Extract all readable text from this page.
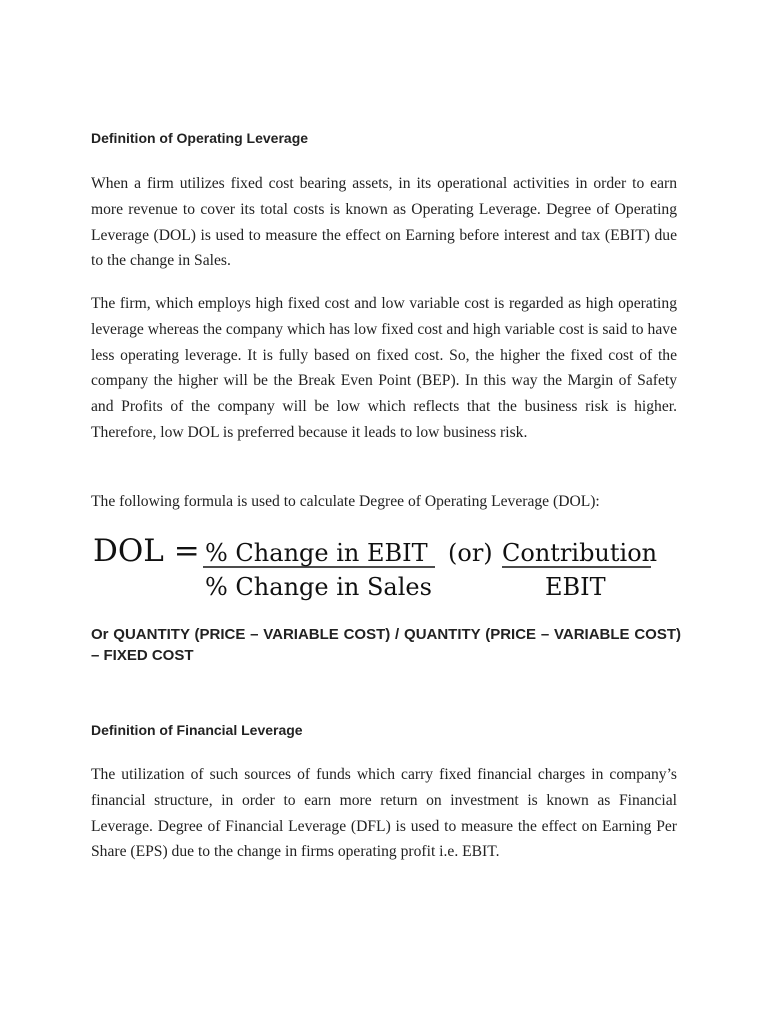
Definition of Operating Leverage

When a firm utilizes fixed cost bearing assets, in its operational activities in order to earn more revenue to cover its total costs is known as Operating Leverage. Degree of Operating Leverage (DOL) is used to measure the effect on Earning before interest and tax (EBIT) due to the change in Sales.

The firm, which employs high fixed cost and low variable cost is regarded as high operating leverage whereas the company which has low fixed cost and high variable cost is said to have less operating leverage. It is fully based on fixed cost. So, the higher the fixed cost of the company the higher will be the Break Even Point (BEP). In this way the Margin of Safety and Profits of the company will be low which reflects that the business risk is higher. Therefore, low DOL is preferred because it leads to low business risk.

The following formula is used to calculate Degree of Operating Leverage (DOL):

DOL = % Change in EBIT
% Change in Sales
(or) Contribution
EBIT

Or QUANTITY (PRICE – VARIABLE COST) / QUANTITY (PRICE – VARIABLE COST) – FIXED COST

Definition of Financial Leverage

The utilization of such sources of funds which carry fixed financial charges in company’s financial structure, in order to earn more return on investment is known as Financial Leverage. Degree of Financial Leverage (DFL) is used to measure the effect on Earning Per Share (EPS) due to the change in firms operating profit i.e. EBIT.
